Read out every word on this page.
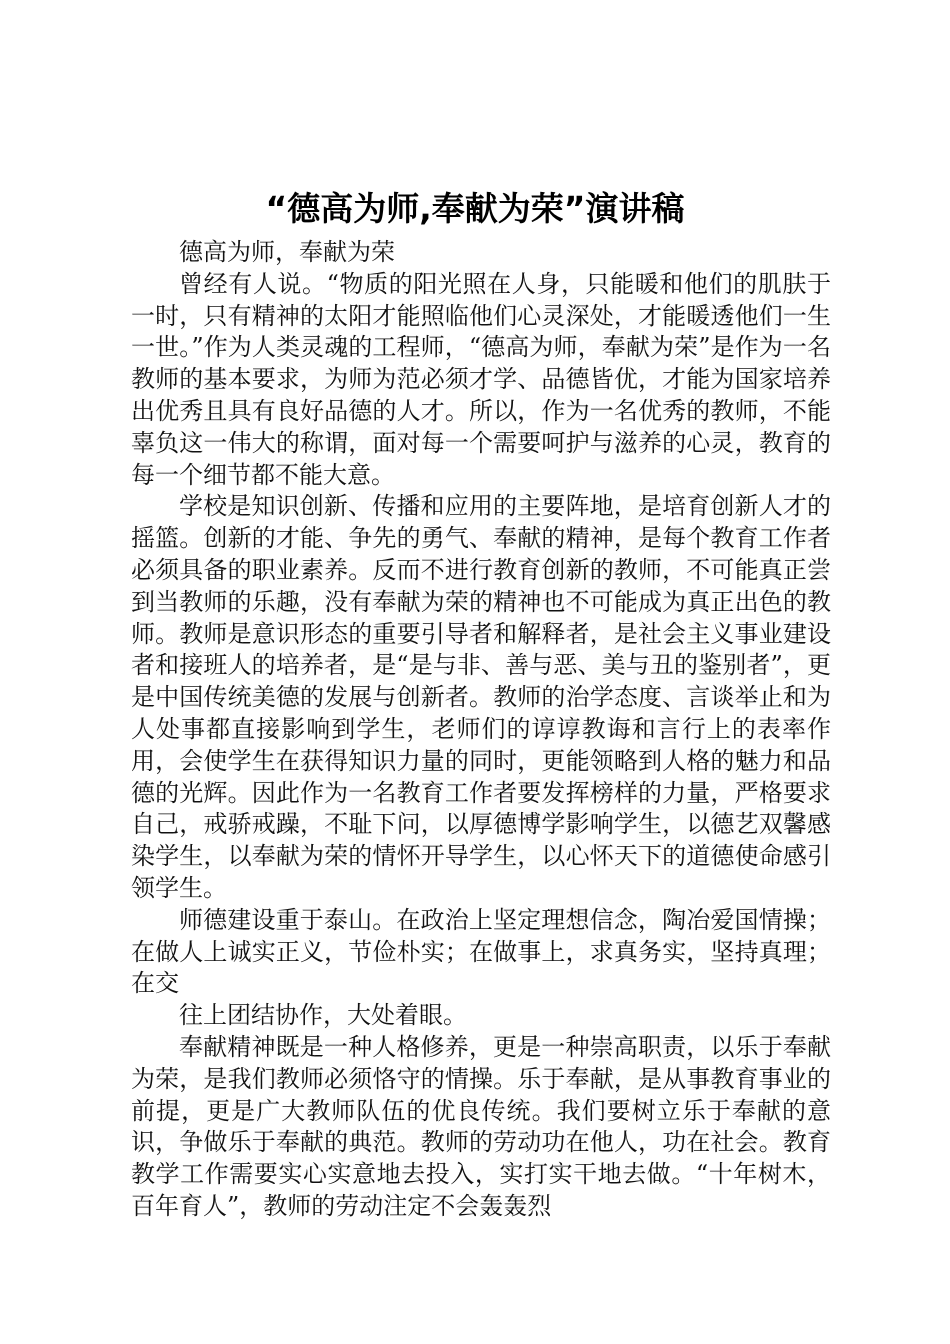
“德高为师,奉献为荣”演讲稿

德高为师，奉献为荣

曾经有人说。“物质的阳光照在人身，只能暖和他们的肌肤于一时，只有精神的太阳才能照临他们心灵深处，才能暖透他们一生一世。”作为人类灵魂的工程师，“德高为师，奉献为荣”是作为一名教师的基本要求，为师为范必须才学、品德皆优，才能为国家培养出优秀且具有良好品德的人才。所以，作为一名优秀的教师，不能辜负这一伟大的称谓，面对每一个需要呵护与滋养的心灵，教育的每一个细节都不能大意。

学校是知识创新、传播和应用的主要阵地，是培育创新人才的摇篮。创新的才能、争先的勇气、奉献的精神，是每个教育工作者必须具备的职业素养。反而不进行教育创新的教师，不可能真正尝到当教师的乐趣，没有奉献为荣的精神也不可能成为真正出色的教师。教师是意识形态的重要引导者和解释者，是社会主义事业建设者和接班人的培养者，是“是与非、善与恶、美与丑的鉴别者”，更是中国传统美德的发展与创新者。教师的治学态度、言谈举止和为人处事都直接影响到学生，老师们的谆谆教诲和言行上的表率作用，会使学生在获得知识力量的同时，更能领略到人格的魅力和品德的光辉。因此作为一名教育工作者要发挥榜样的力量，严格要求自己，戒骄戒躁，不耻下问，以厚德博学影响学生，以德艺双馨感染学生，以奉献为荣的情怀开导学生，以心怀天下的道德使命感引领学生。

师德建设重于泰山。在政治上坚定理想信念，陶冶爱国情操；在做人上诚实正义，节俭朴实；在做事上，求真务实，坚持真理；在交

往上团结协作，大处着眼。

奉献精神既是一种人格修养，更是一种崇高职责，以乐于奉献为荣，是我们教师必须恪守的情操。乐于奉献，是从事教育事业的前提，更是广大教师队伍的优良传统。我们要树立乐于奉献的意识，争做乐于奉献的典范。教师的劳动功在他人，功在社会。教育教学工作需要实心实意地去投入，实打实干地去做。“十年树木，百年育人”，教师的劳动注定不会轰轰烈
